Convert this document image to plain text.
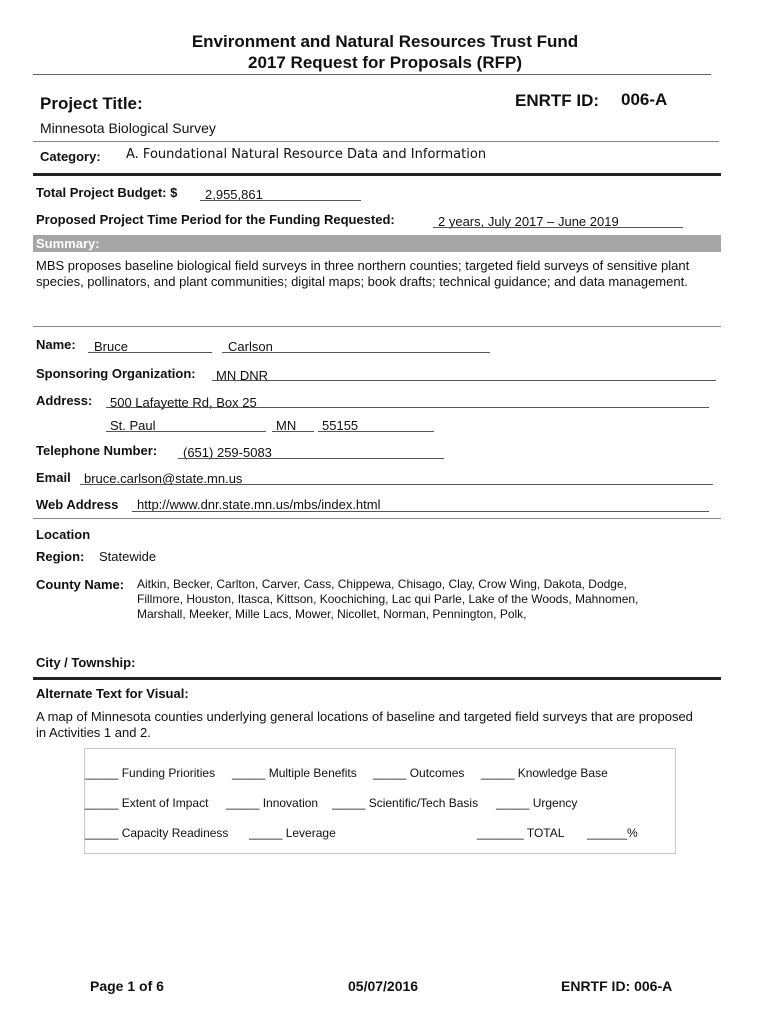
Environment and Natural Resources Trust Fund
2017 Request for Proposals (RFP)
Project Title:	ENRTF ID: 006-A
Minnesota Biological Survey
Category: A. Foundational Natural Resource Data and Information
Total Project Budget: $ 2,955,861
Proposed Project Time Period for the Funding Requested:	2 years, July 2017 – June 2019
Summary:
MBS proposes baseline biological field surveys in three northern counties; targeted field surveys of sensitive plant species, pollinators, and plant communities; digital maps; book drafts; technical guidance; and data management.
Name: Bruce	Carlson
Sponsoring Organization: MN DNR
Address: 500 Lafayette Rd, Box 25
St. Paul	MN 55155
Telephone Number: (651) 259-5083
Email bruce.carlson@state.mn.us
Web Address http://www.dnr.state.mn.us/mbs/index.html
Location
Region: Statewide
County Name: Aitkin, Becker, Carlton, Carver, Cass, Chippewa, Chisago, Clay, Crow Wing, Dakota, Dodge,
Fillmore, Houston, Itasca, Kittson, Koochiching, Lac qui Parle, Lake of the Woods, Mahnomen,
Marshall, Meeker, Mille Lacs, Mower, Nicollet, Norman, Pennington, Polk,
City / Township:
Alternate Text for Visual:
A map of Minnesota counties underlying general locations of baseline and targeted field surveys that are proposed in Activities 1 and 2.
_____ Funding Priorities _____ Multiple Benefits _____ Outcomes _____ Knowledge Base
_____ Extent of Impact _____ Innovation _____ Scientific/Tech Basis _____ Urgency
_____ Capacity Readiness _____ Leverage	_______ TOTAL ______%
Page 1 of 6	05/07/2016	ENRTF ID: 006-A
